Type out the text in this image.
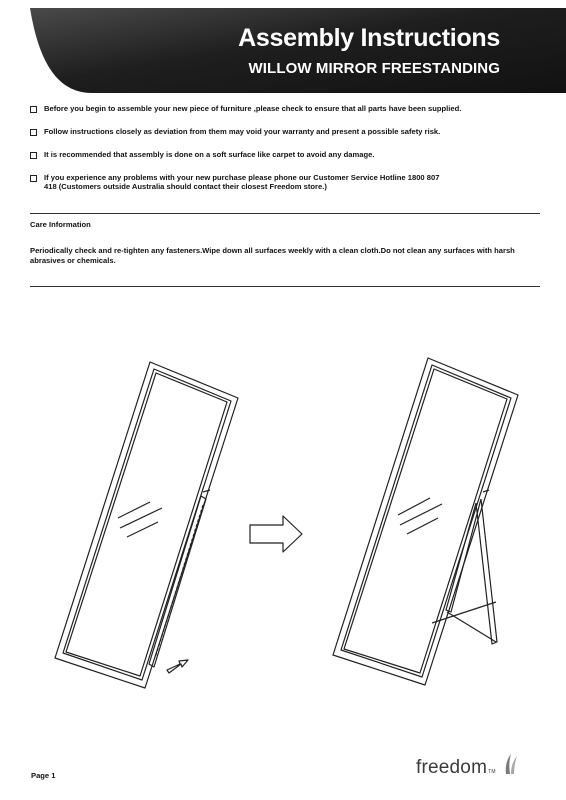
Assembly Instructions
WILLOW MIRROR FREESTANDING
Before you begin to assemble your new piece of furniture ,please check to ensure that all parts have been supplied.
Follow instructions closely as deviation from them may void your warranty and present a possible safety risk.
It is recommended that assembly is done on a soft surface like carpet to avoid any damage.
If you experience any problems with your new purchase please phone our Customer Service Hotline 1800 807 418 (Customers outside Australia should contact their closest Freedom store.)
Care Information
Periodically check and re-tighten any fasteners.Wipe down all surfaces weekly with a clean cloth.Do not clean any surfaces with harsh abrasives or chemicals.
Page 1	freedomTM
